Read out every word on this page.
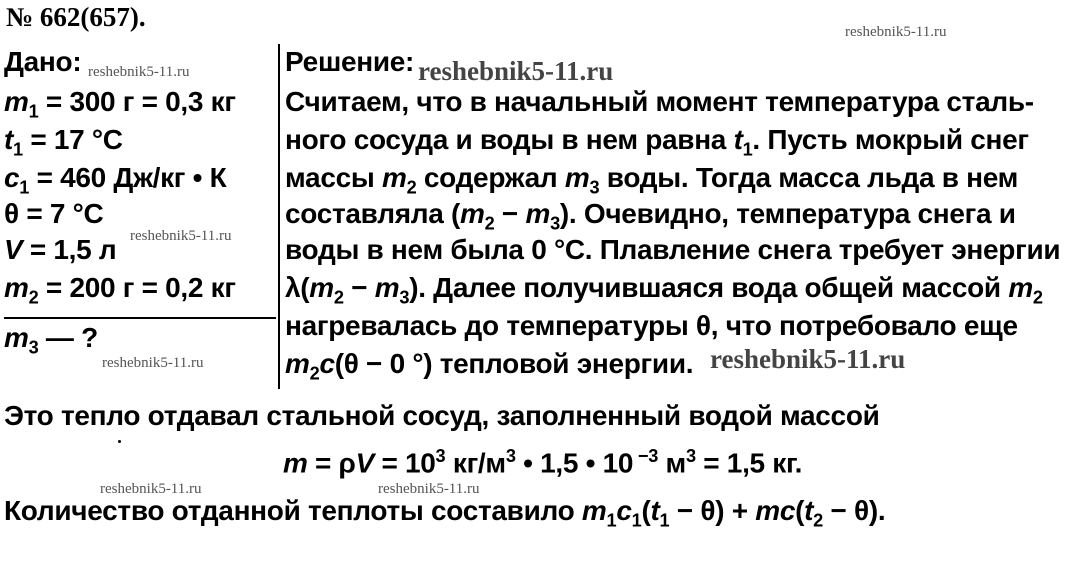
№ 662(657).	reshebnik5-11.ru
reshebnik5-11.ru	reshebnik5-11.ru
reshebnik5-11.ru
reshebnik5-11.ru	reshebnik5-11.ru
reshebnik5-11.ru	reshebnik5-11.ru
Дано:
$m_1 = 300$ г = 0,3 кг
$t_1 = 17$ °C
$c_1 = 460$ Дж/кг • К
θ = 7 °C
V = 1,5 л
$m_2 = 200$ г = 0,2 кг
$m_3$ — ?
Решение:
Считаем, что в начальный момент температура сталь-
ного сосуда и воды в нем равна $t_1$. Пусть мокрый снег
массы $m_2$ содержал $m_3$ воды. Тогда масса льда в нем
составляла $(m_2 - m_3)$. Очевидно, температура снега и
воды в нем была 0 °С. Плавление снега требует энергии
$\lambda(m_2 - m_3)$. Далее получившаяся вода общей массой $m_2$
нагревалась до температуры θ, что потребовало еще
$m_2c(\theta - 0$ °) тепловой энергии.
Это тепло отдавал стальной сосуд, заполненный водой массой
$m = \rho V = 10^3$ $кг/м^3$ • 1,5 • 10 $^{-3}$ $м^3 = 1,5$ кг.
Количество отданной теплоты составило $m_1c_1(t_1 - \theta) + mc(t_2 - \theta)$.
